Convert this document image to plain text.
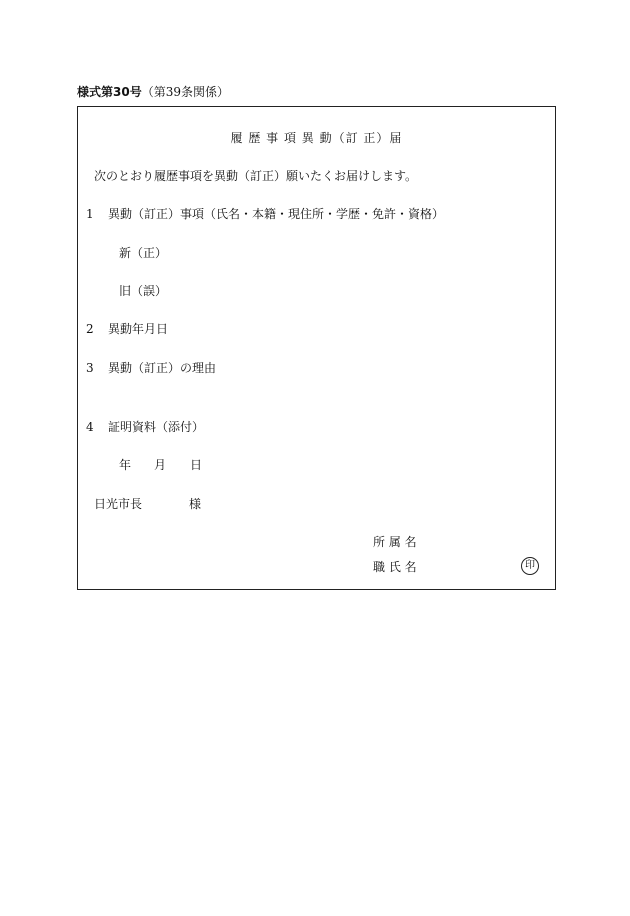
様式第30号（第39条関係）
履 歴 事 項 異 動（訂 正）届
次のとおり履歴事項を異動（訂正）願いたくお届けします。
1 異動（訂正）事項（氏名・本籍・現住所・学歴・免許・資格）
新（正）
旧（誤）
2 異動年月日
3 異動（訂正）の理由
4 証明資料（添付）
年 月 日
日光市長	様
所 属 名
職 氏 名	印
